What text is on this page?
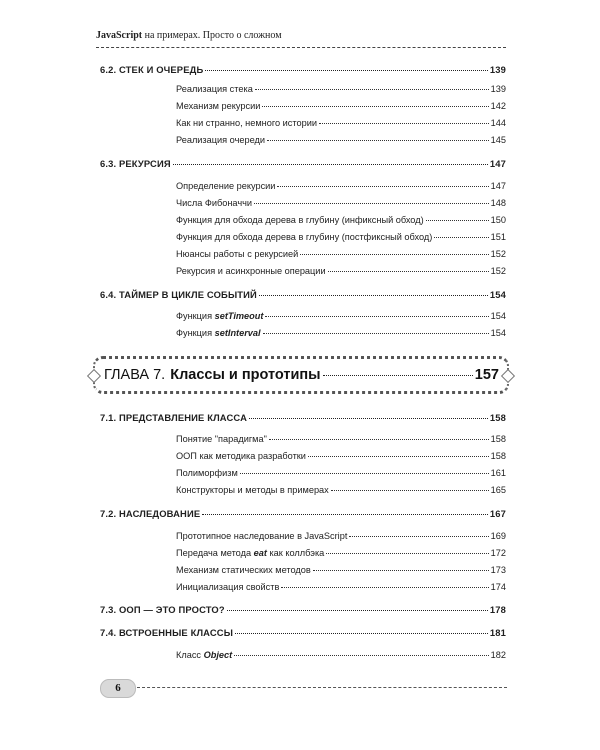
JavaScript на примерах. Просто о сложном
6.2. СТЕК И ОЧЕРЕДЬ	139
Реализация стека	139
Механизм рекурсии	142
Как ни странно, немного истории	144
Реализация очереди	145
6.3. РЕКУРСИЯ	147
Определение рекурсии	147
Числа Фибоначчи	148
Функция для обхода дерева в глубину (инфиксный обход)	150
Функция для обхода дерева в глубину (постфиксный обход)	151
Нюансы работы с рекурсией	152
Рекурсия и асинхронные операции	152
6.4. ТАЙМЕР В ЦИКЛЕ СОБЫТИЙ	154
Функция setTimeout	154
Функция setInterval	154
ГЛАВА 7. Классы и прототипы	157
7.1. ПРЕДСТАВЛЕНИЕ КЛАССА	158
Понятие "парадигма"	158
ООП как методика разработки	158
Полиморфизм	161
Конструкторы и методы в примерах	165
7.2. НАСЛЕДОВАНИЕ	167
Прототипное наследование в JavaScript	169
Передача метода eat как коллбэка	172
Механизм статических методов	173
Инициализация свойств	174
7.3. ООП — ЭТО ПРОСТО?	178
7.4. ВСТРОЕННЫЕ КЛАССЫ	181
Класс Object	182
6
